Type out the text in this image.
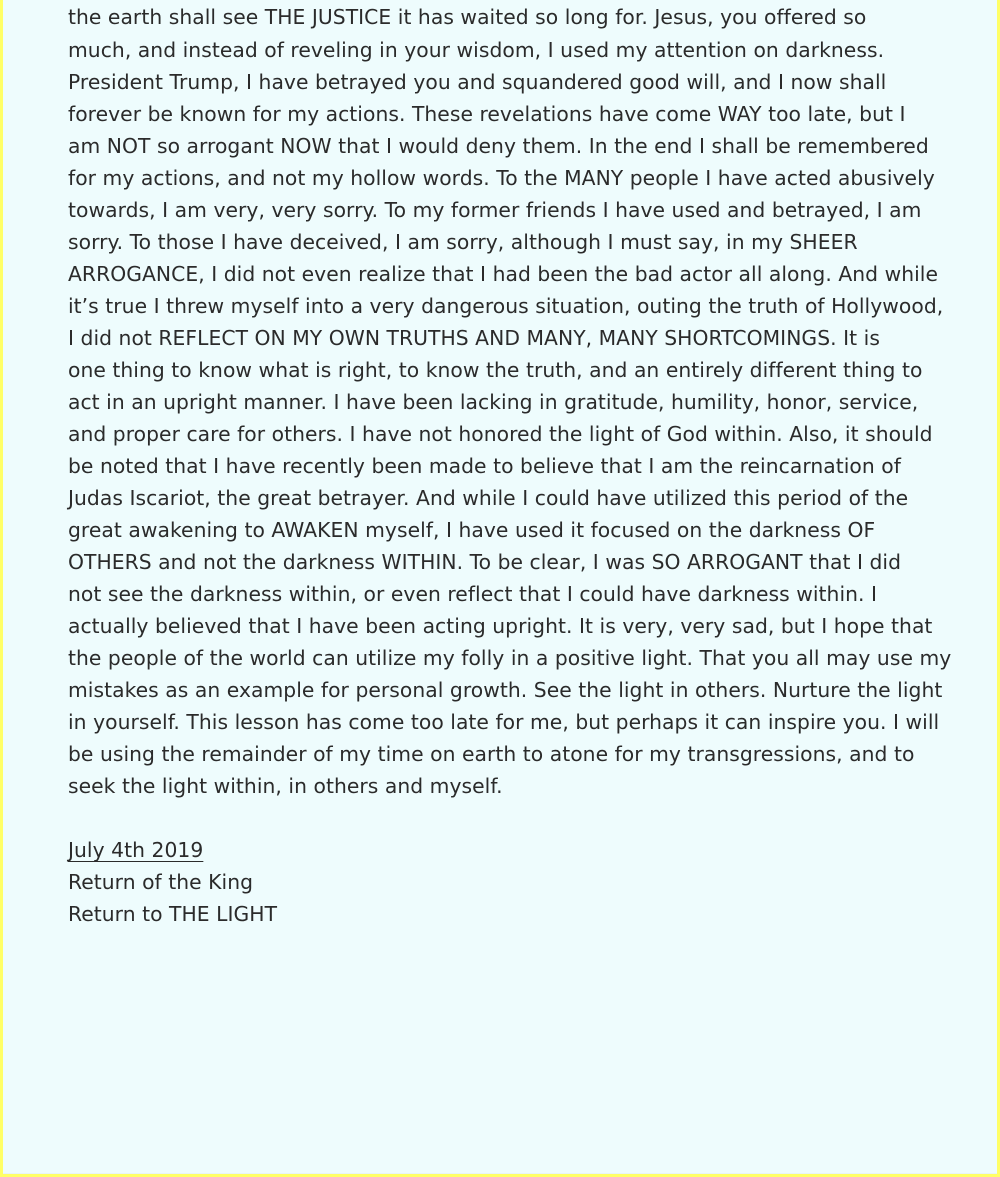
the earth shall see THE JUSTICE it has waited so long for. Jesus, you offered so
much, and instead of reveling in your wisdom, I used my attention on darkness.
President Trump, I have betrayed you and squandered good will, and I now shall
forever be known for my actions. These revelations have come WAY too late, but I
am NOT so arrogant NOW that I would deny them. In the end I shall be remembered
for my actions, and not my hollow words. To the MANY people I have acted abusively
towards, I am very, very sorry. To my former friends I have used and betrayed, I am
sorry. To those I have deceived, I am sorry, although I must say, in my SHEER
ARROGANCE, I did not even realize that I had been the bad actor all along. And while
it’s true I threw myself into a very dangerous situation, outing the truth of Hollywood,
I did not REFLECT ON MY OWN TRUTHS AND MANY, MANY SHORTCOMINGS. It is
one thing to know what is right, to know the truth, and an entirely different thing to
act in an upright manner. I have been lacking in gratitude, humility, honor, service,
and proper care for others. I have not honored the light of God within. Also, it should
be noted that I have recently been made to believe that I am the reincarnation of
Judas Iscariot, the great betrayer. And while I could have utilized this period of the
great awakening to AWAKEN myself, I have used it focused on the darkness OF
OTHERS and not the darkness WITHIN. To be clear, I was SO ARROGANT that I did
not see the darkness within, or even reflect that I could have darkness within. I
actually believed that I have been acting upright. It is very, very sad, but I hope that
the people of the world can utilize my folly in a positive light. That you all may use my
mistakes as an example for personal growth. See the light in others. Nurture the light
in yourself. This lesson has come too late for me, but perhaps it can inspire you. I will
be using the remainder of my time on earth to atone for my transgressions, and to
seek the light within, in others and myself.
July 4th 2019
Return of the King
Return to THE LIGHT
